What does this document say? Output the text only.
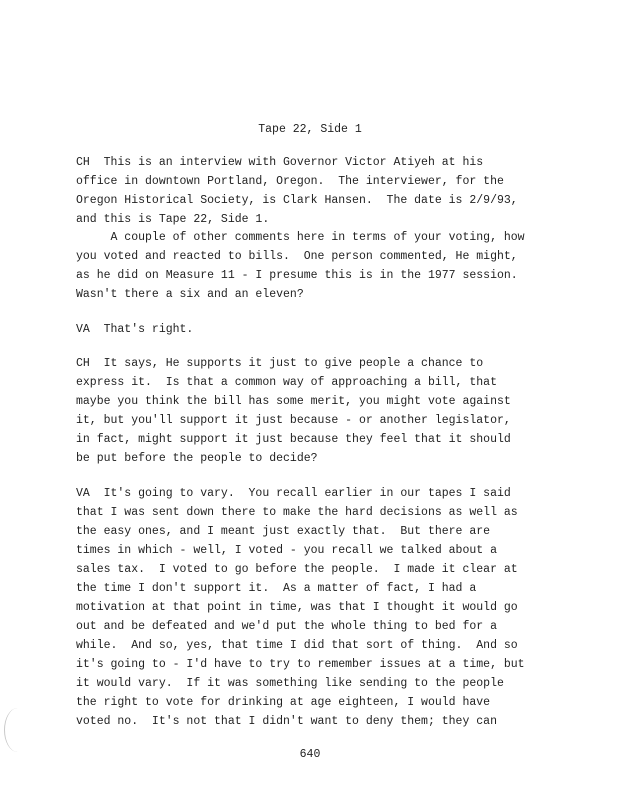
Tape 22, Side 1
CH  This is an interview with Governor Victor Atiyeh at his
office in downtown Portland, Oregon.  The interviewer, for the
Oregon Historical Society, is Clark Hansen.  The date is 2/9/93,
and this is Tape 22, Side 1.
A couple of other comments here in terms of your voting, how
you voted and reacted to bills.  One person commented, He might,
as he did on Measure 11 - I presume this is in the 1977 session.
Wasn't there a six and an eleven?
VA  That's right.
CH  It says, He supports it just to give people a chance to
express it.  Is that a common way of approaching a bill, that
maybe you think the bill has some merit, you might vote against
it, but you'll support it just because - or another legislator,
in fact, might support it just because they feel that it should
be put before the people to decide?
VA  It's going to vary.  You recall earlier in our tapes I said
that I was sent down there to make the hard decisions as well as
the easy ones, and I meant just exactly that.  But there are
times in which - well, I voted - you recall we talked about a
sales tax.  I voted to go before the people.  I made it clear at
the time I don't support it.  As a matter of fact, I had a
motivation at that point in time, was that I thought it would go
out and be defeated and we'd put the whole thing to bed for a
while.  And so, yes, that time I did that sort of thing.  And so
it's going to - I'd have to try to remember issues at a time, but
it would vary.  If it was something like sending to the people
the right to vote for drinking at age eighteen, I would have
voted no.  It's not that I didn't want to deny them; they can
640
